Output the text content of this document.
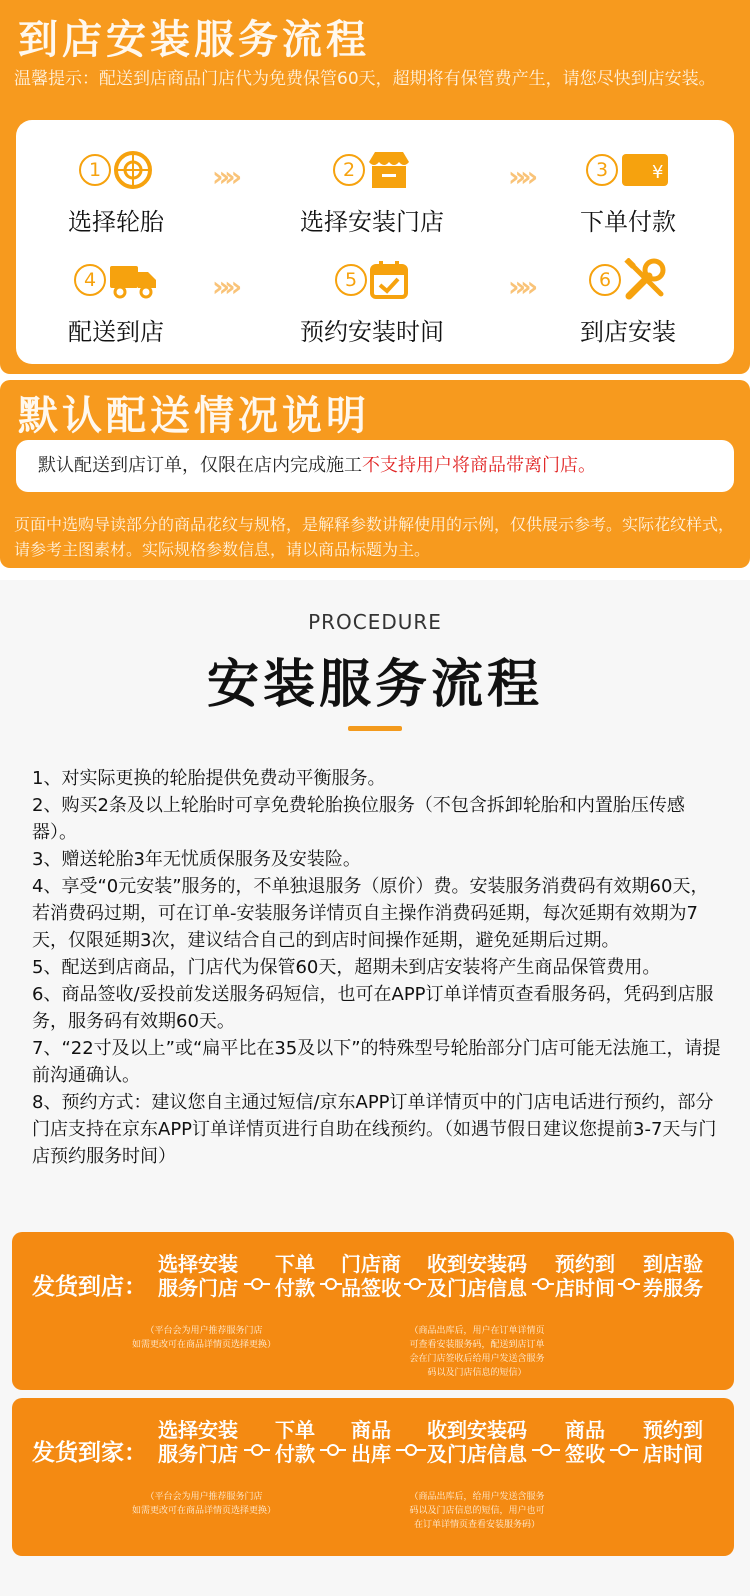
到店安装服务流程
温馨提示：配送到店商品门店代为免费保管60天，超期将有保管费产生，请您尽快到店安装。
1
选择轮胎
»»	2
选择安装门店
»»	3	¥
下单付款
4
配送到店
»»	5
预约安装时间
»»	6
到店安装
默认配送情况说明
默认配送到店订单，仅限在店内完成施工不支持用户将商品带离门店。
页面中选购导读部分的商品花纹与规格，是解释参数讲解使用的示例，仅供展示参考。实际花纹样式，请参考主图素材。实际规格参数信息，请以商品标题为主。
PROCEDURE
安装服务流程

1、对实际更换的轮胎提供免费动平衡服务。

2、购买2条及以上轮胎时可享免费轮胎换位服务（不包含拆卸轮胎和内置胎压传感器）。

3、赠送轮胎3年无忧质保服务及安装险。

4、享受“0元安装”服务的，不单独退服务（原价）费。安装服务消费码有效期60天，若消费码过期，可在订单-安装服务详情页自主操作消费码延期，每次延期有效期为7天，仅限延期3次，建议结合自己的到店时间操作延期，避免延期后过期。

5、配送到店商品，门店代为保管60天，超期未到店安装将产生商品保管费用。

6、商品签收/妥投前发送服务码短信，也可在APP订单详情页查看服务码，凭码到店服务，服务码有效期60天。

7、“22寸及以上”或“扁平比在35及以下”的特殊型号轮胎部分门店可能无法施工，请提前沟通确认。

8、预约方式：建议您自主通过短信/京东APP订单详情页中的门店电话进行预约，部分门店支持在京东APP订单详情页进行自助在线预约。（如遇节假日建议您提前3-7天与门店预约服务时间）

发货到店：
选择安装
服务门店
下单
付款
门店商
品签收
收到安装码
及门店信息
预约到
店时间
到店验
券服务
（平台会为用户推荐服务门店
如需更改可在商品详情页选择更换）
（商品出库后，用户在订单详情页
可查看安装服务码，配送到店订单
会在门店签收后给用户发送含服务
码以及门店信息的短信）
发货到家：
选择安装
服务门店
下单
付款
商品
出库
收到安装码
及门店信息
商品
签收
预约到
店时间
（平台会为用户推荐服务门店
如需更改可在商品详情页选择更换）
（商品出库后，给用户发送含服务
码以及门店信息的短信，用户也可
在订单详情页查看安装服务码）
